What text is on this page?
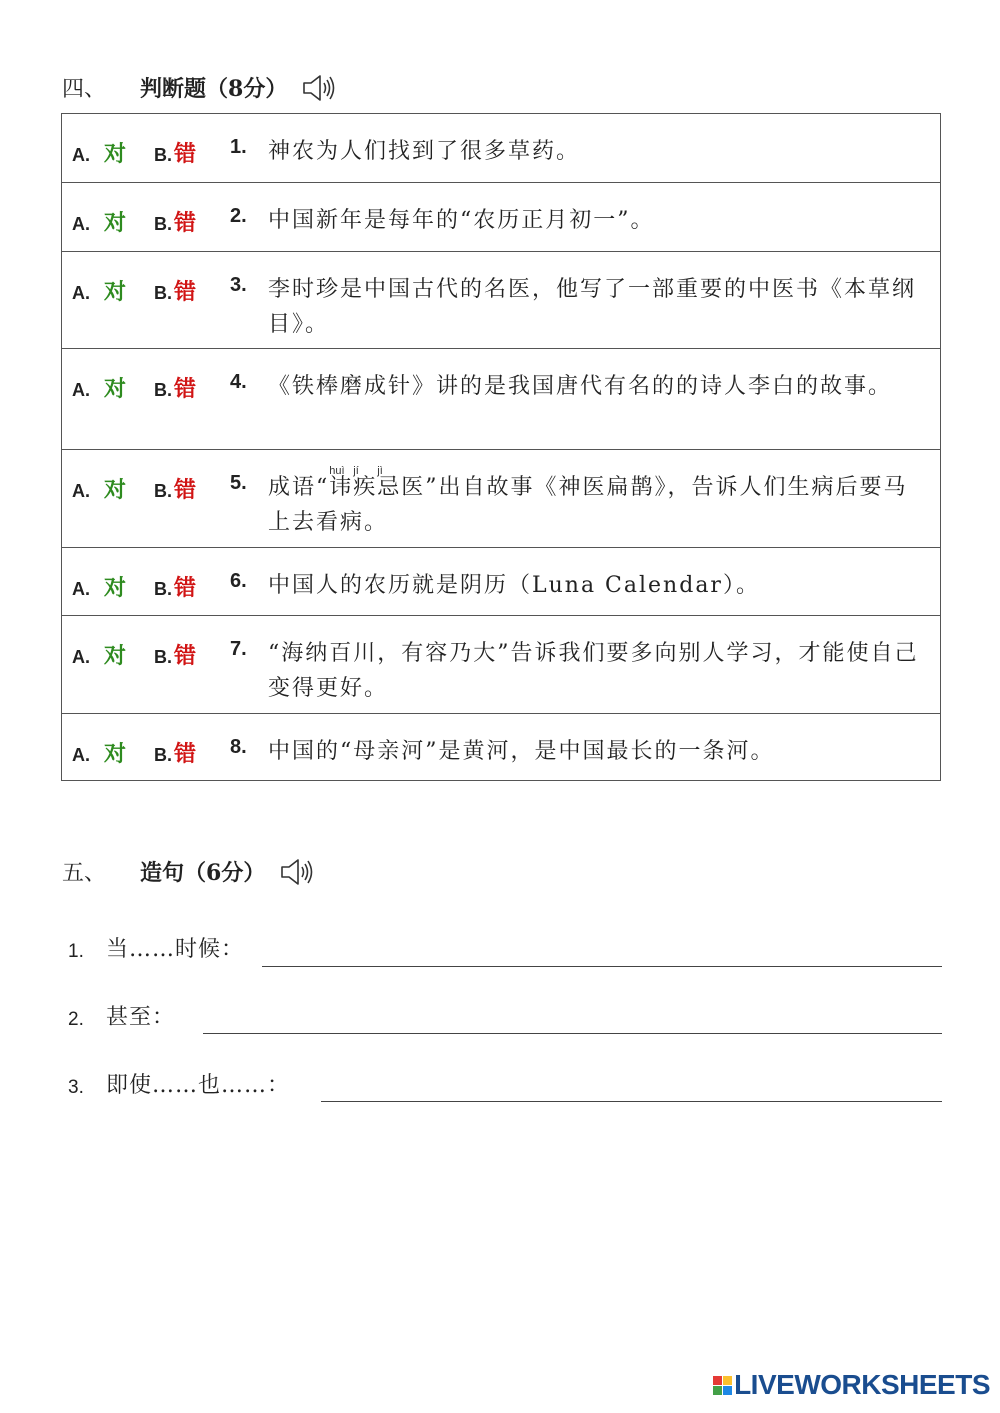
四、 判断题（8分）
A. 对 B. 错 1. 神农为人们找到了很多草药。

A. 对 B. 错 2. 中国新年是每年的“农历正月初一”。

A. 对 B. 错 3. 李时珍是中国古代的名医，他写了一部重要的中医书《本草纲目》。

A. 对 B. 错 4. 《铁棒磨成针》讲的是我国唐代有名的的诗人李白的故事。

A. 对 B. 错 5. 成语“
huì
讳
jí
疾
jì
忌医”出自故事《神医扁鹊》，告诉人们生病后要马上去看病。

A. 对 B. 错 6. 中国人的农历就是阴历（Luna Calendar）。

A. 对 B. 错 7. “海纳百川，有容乃大”告诉我们要多向别人学习，才能使自己变得更好。

A. 对 B. 错 8. 中国的“母亲河”是黄河，是中国最长的一条河。
五、 造句（6分）
1.	当……时候：
2.	甚至：
3.	即使……也……：
LIVEWORKSHEETS
